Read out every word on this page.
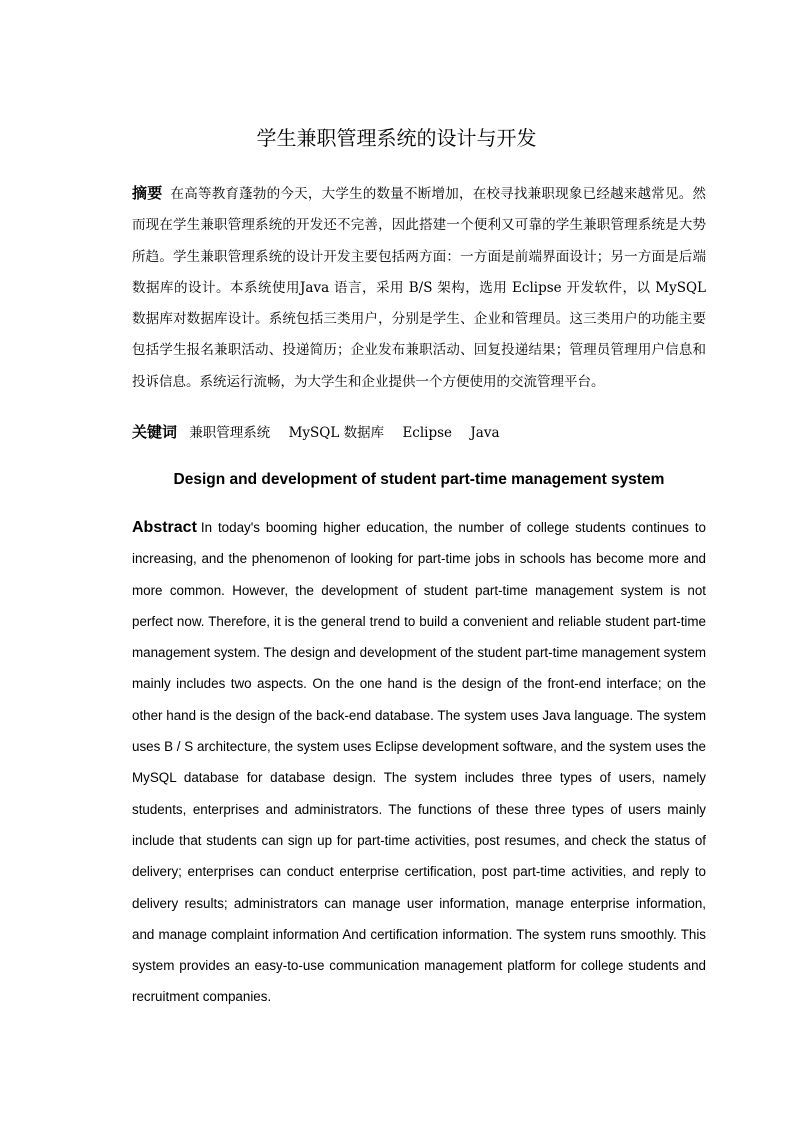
学生兼职管理系统的设计与开发

摘要 在高等教育蓬勃的今天，大学生的数量不断增加，在校寻找兼职现象已经越来越常见。然而现在学生兼职管理系统的开发还不完善，因此搭建一个便利又可靠的学生兼职管理系统是大势所趋。学生兼职管理系统的设计开发主要包括两方面：一方面是前端界面设计；另一方面是后端数据库的设计。本系统使用Java 语言，采用 B/S 架构，选用 Eclipse 开发软件，以 MySQL 数据库对数据库设计。系统包括三类用户，分别是学生、企业和管理员。这三类用户的功能主要包括学生报名兼职活动、投递简历；企业发布兼职活动、回复投递结果；管理员管理用户信息和投诉信息。系统运行流畅，为大学生和企业提供一个方便使用的交流管理平台。

关键词 兼职管理系统 MySQL 数据库 Eclipse Java

Design and development of student part-time management system

Abstract In today's booming higher education, the number of college students continues to increasing, and the phenomenon of looking for part-time jobs in schools has become more and more common. However, the development of student part-time management system is not perfect now. Therefore, it is the general trend to build a convenient and reliable student part-time management system. The design and development of the student part-time management system mainly includes two aspects. On the one hand is the design of the front-end interface; on the other hand is the design of the back-end database. The system uses Java language. The system uses B / S architecture, the system uses Eclipse development software, and the system uses the MySQL database for database design. The system includes three types of users, namely students, enterprises and administrators. The functions of these three types of users mainly include that students can sign up for part-time activities, post resumes, and check the status of delivery; enterprises can conduct enterprise certification, post part-time activities, and reply to delivery results; administrators can manage user information, manage enterprise information, and manage complaint information And certification information. The system runs smoothly. This system provides an easy-to-use communication management platform for college students and recruitment companies.
